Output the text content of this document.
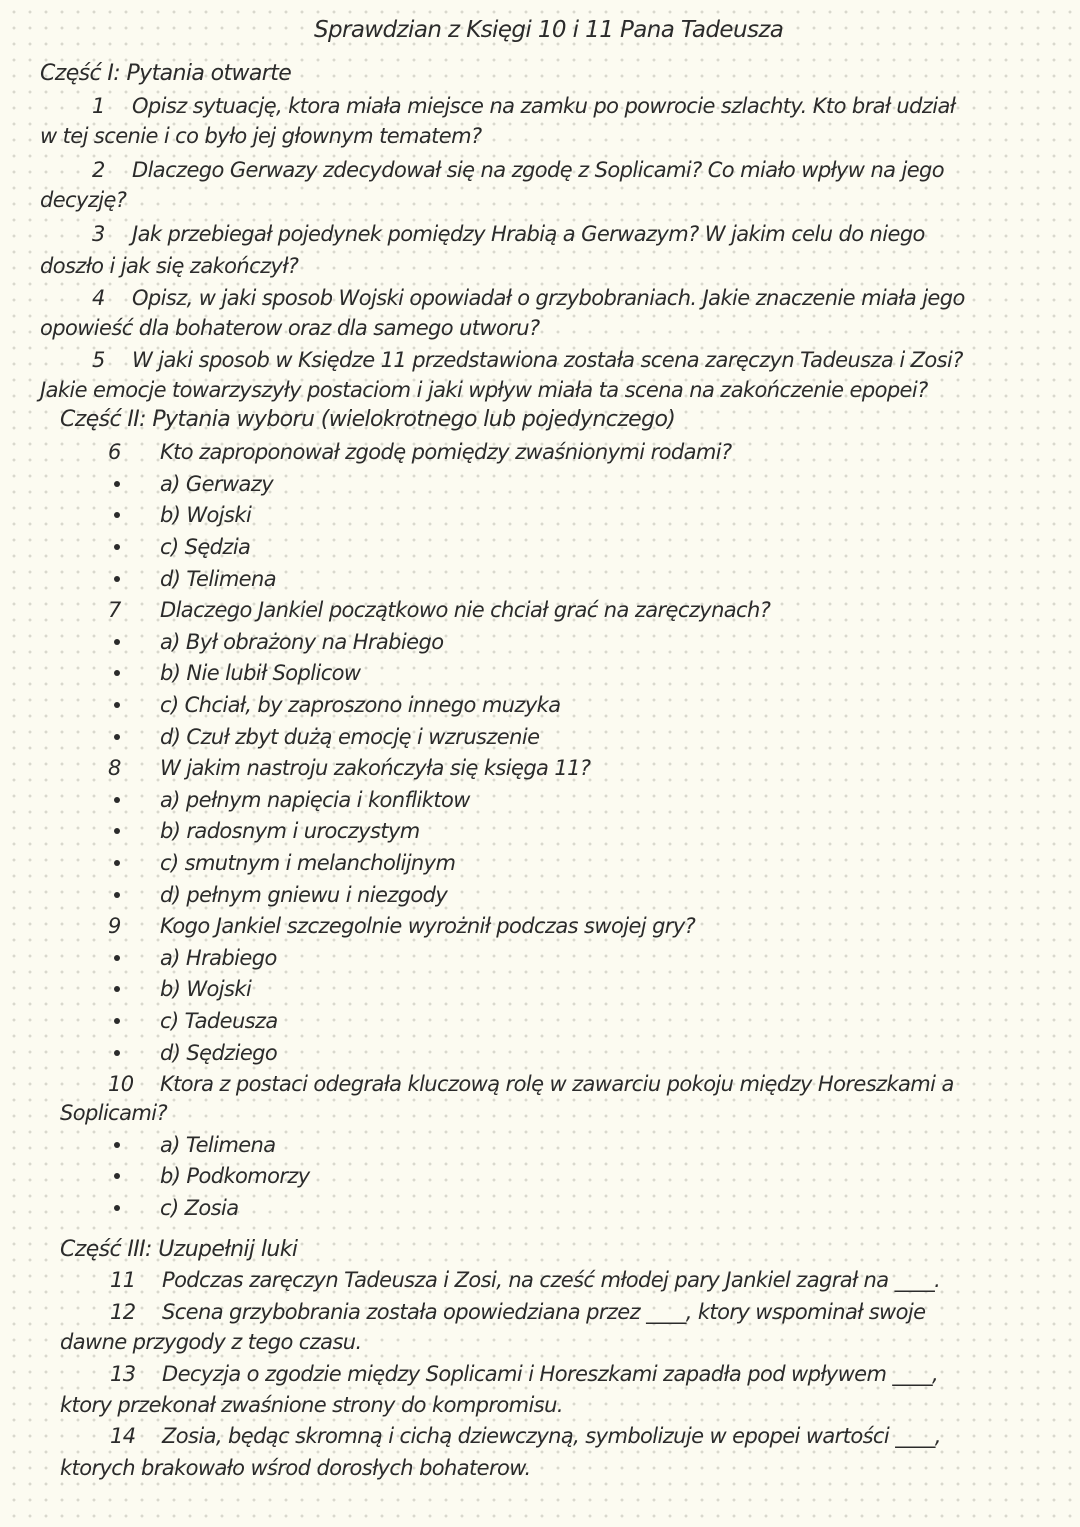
Sprawdzian z Księgi 10 i 11 Pana Tadeusza
Część I: Pytania otwarte
1 Opisz sytuację, ktora miała miejsce na zamku po powrocie szlachty. Kto brał udział
w tej scenie i co było jej głownym tematem?
2 Dlaczego Gerwazy zdecydował się na zgodę z Soplicami? Co miało wpływ na jego
decyzję?
3 Jak przebiegał pojedynek pomiędzy Hrabią a Gerwazym? W jakim celu do niego
doszło i jak się zakończył?
4 Opisz, w jaki sposob Wojski opowiadał o grzybobraniach. Jakie znaczenie miała jego
opowieść dla bohaterow oraz dla samego utworu?
5 W jaki sposob w Księdze 11 przedstawiona została scena zaręczyn Tadeusza i Zosi?
Jakie emocje towarzyszyły postaciom i jaki wpływ miała ta scena na zakończenie epopei?
Część II: Pytania wyboru (wielokrotnego lub pojedynczego)
6 Kto zaproponował zgodę pomiędzy zwaśnionymi rodami?
a) Gerwazy
b) Wojski
c) Sędzia
d) Telimena
7 Dlaczego Jankiel początkowo nie chciał grać na zaręczynach?
a) Był obrażony na Hrabiego
b) Nie lubił Soplicow
c) Chciał, by zaproszono innego muzyka
d) Czuł zbyt dużą emocję i wzruszenie
8 W jakim nastroju zakończyła się księga 11?
a) pełnym napięcia i konfliktow
b) radosnym i uroczystym
c) smutnym i melancholijnym
d) pełnym gniewu i niezgody
9 Kogo Jankiel szczegolnie wyrożnił podczas swojej gry?
a) Hrabiego
b) Wojski
c) Tadeusza
d) Sędziego
10 Ktora z postaci odegrała kluczową rolę w zawarciu pokoju między Horeszkami a
Soplicami?
a) Telimena
b) Podkomorzy
c) Zosia
Część III: Uzupełnij luki
11 Podczas zaręczyn Tadeusza i Zosi, na cześć młodej pary Jankiel zagrał na ____.
12 Scena grzybobrania została opowiedziana przez ____, ktory wspominał swoje
dawne przygody z tego czasu.
13 Decyzja o zgodzie między Soplicami i Horeszkami zapadła pod wpływem ____,
ktory przekonał zwaśnione strony do kompromisu.
14 Zosia, będąc skromną i cichą dziewczyną, symbolizuje w epopei wartości ____,
ktorych brakowało wśrod dorosłych bohaterow.
